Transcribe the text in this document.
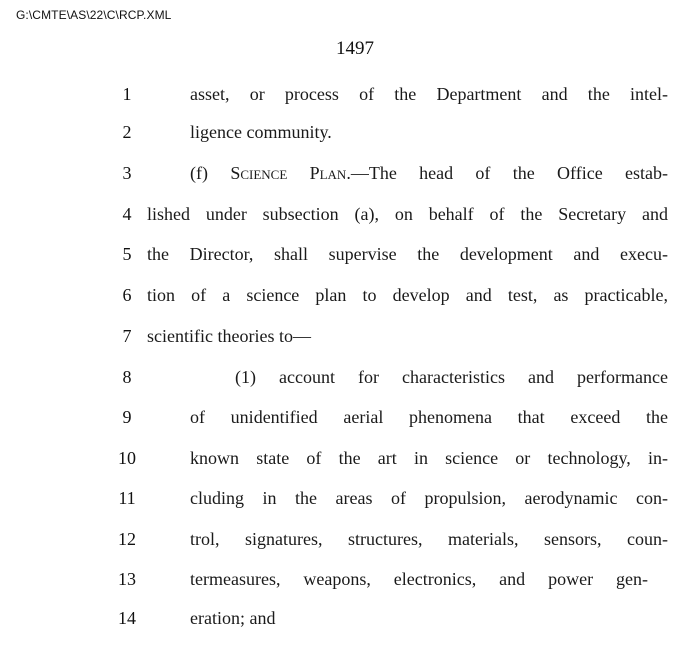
G:\CMTE\AS\22\C\RCP.XML
1497
1	asset, or process of the Department and the intel-
2	ligence community.
3	(f) Science Plan.—The head of the Office estab-
4 lished under subsection (a), on behalf of the Secretary and
5 the Director, shall supervise the development and execu-
6 tion of a science plan to develop and test, as practicable,
7 scientific theories to—
8	(1) account for characteristics and performance
9	of unidentified aerial phenomena that exceed the
10	known state of the art in science or technology, in-
11	cluding in the areas of propulsion, aerodynamic con-
12	trol, signatures, structures, materials, sensors, coun-
13	termeasures, weapons, electronics, and power gen-
14	eration; and
